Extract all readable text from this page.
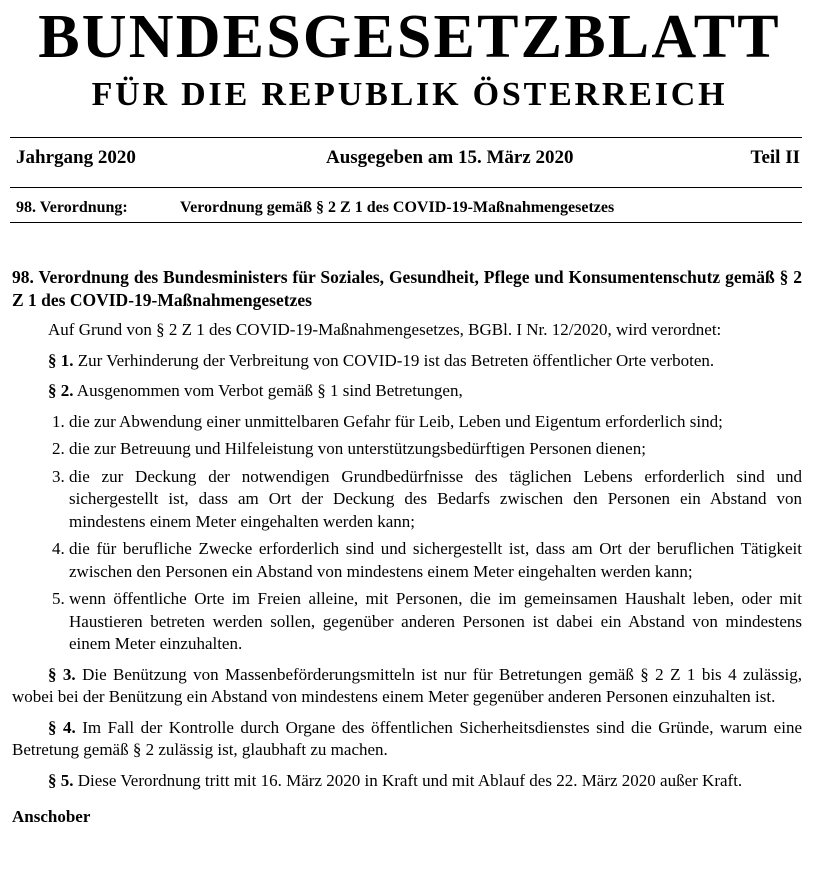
BUNDESGESETZBLATT
FÜR DIE REPUBLIK ÖSTERREICH
Jahrgang 2020	Ausgegeben am 15. März 2020	Teil II
98. Verordnung:	Verordnung gemäß § 2 Z 1 des COVID-19-Maßnahmengesetzes
98. Verordnung des Bundesministers für Soziales, Gesundheit, Pflege und Konsumentenschutz gemäß § 2 Z 1 des COVID-19-Maßnahmengesetzes
Auf Grund von § 2 Z 1 des COVID-19-Maßnahmengesetzes, BGBl. I Nr. 12/2020, wird verordnet:
§ 1. Zur Verhinderung der Verbreitung von COVID-19 ist das Betreten öffentlicher Orte verboten.
§ 2. Ausgenommen vom Verbot gemäß § 1 sind Betretungen,
1. die zur Abwendung einer unmittelbaren Gefahr für Leib, Leben und Eigentum erforderlich sind;
2. die zur Betreuung und Hilfeleistung von unterstützungsbedürftigen Personen dienen;
3. die zur Deckung der notwendigen Grundbedürfnisse des täglichen Lebens erforderlich sind und sichergestellt ist, dass am Ort der Deckung des Bedarfs zwischen den Personen ein Abstand von mindestens einem Meter eingehalten werden kann;
4. die für berufliche Zwecke erforderlich sind und sichergestellt ist, dass am Ort der beruflichen Tätigkeit zwischen den Personen ein Abstand von mindestens einem Meter eingehalten werden kann;
5. wenn öffentliche Orte im Freien alleine, mit Personen, die im gemeinsamen Haushalt leben, oder mit Haustieren betreten werden sollen, gegenüber anderen Personen ist dabei ein Abstand von mindestens einem Meter einzuhalten.
§ 3. Die Benützung von Massenbeförderungsmitteln ist nur für Betretungen gemäß § 2 Z 1 bis 4 zulässig, wobei bei der Benützung ein Abstand von mindestens einem Meter gegenüber anderen Personen einzuhalten ist.
§ 4. Im Fall der Kontrolle durch Organe des öffentlichen Sicherheitsdienstes sind die Gründe, warum eine Betretung gemäß § 2 zulässig ist, glaubhaft zu machen.
§ 5. Diese Verordnung tritt mit 16. März 2020 in Kraft und mit Ablauf des 22. März 2020 außer Kraft.
Anschober
